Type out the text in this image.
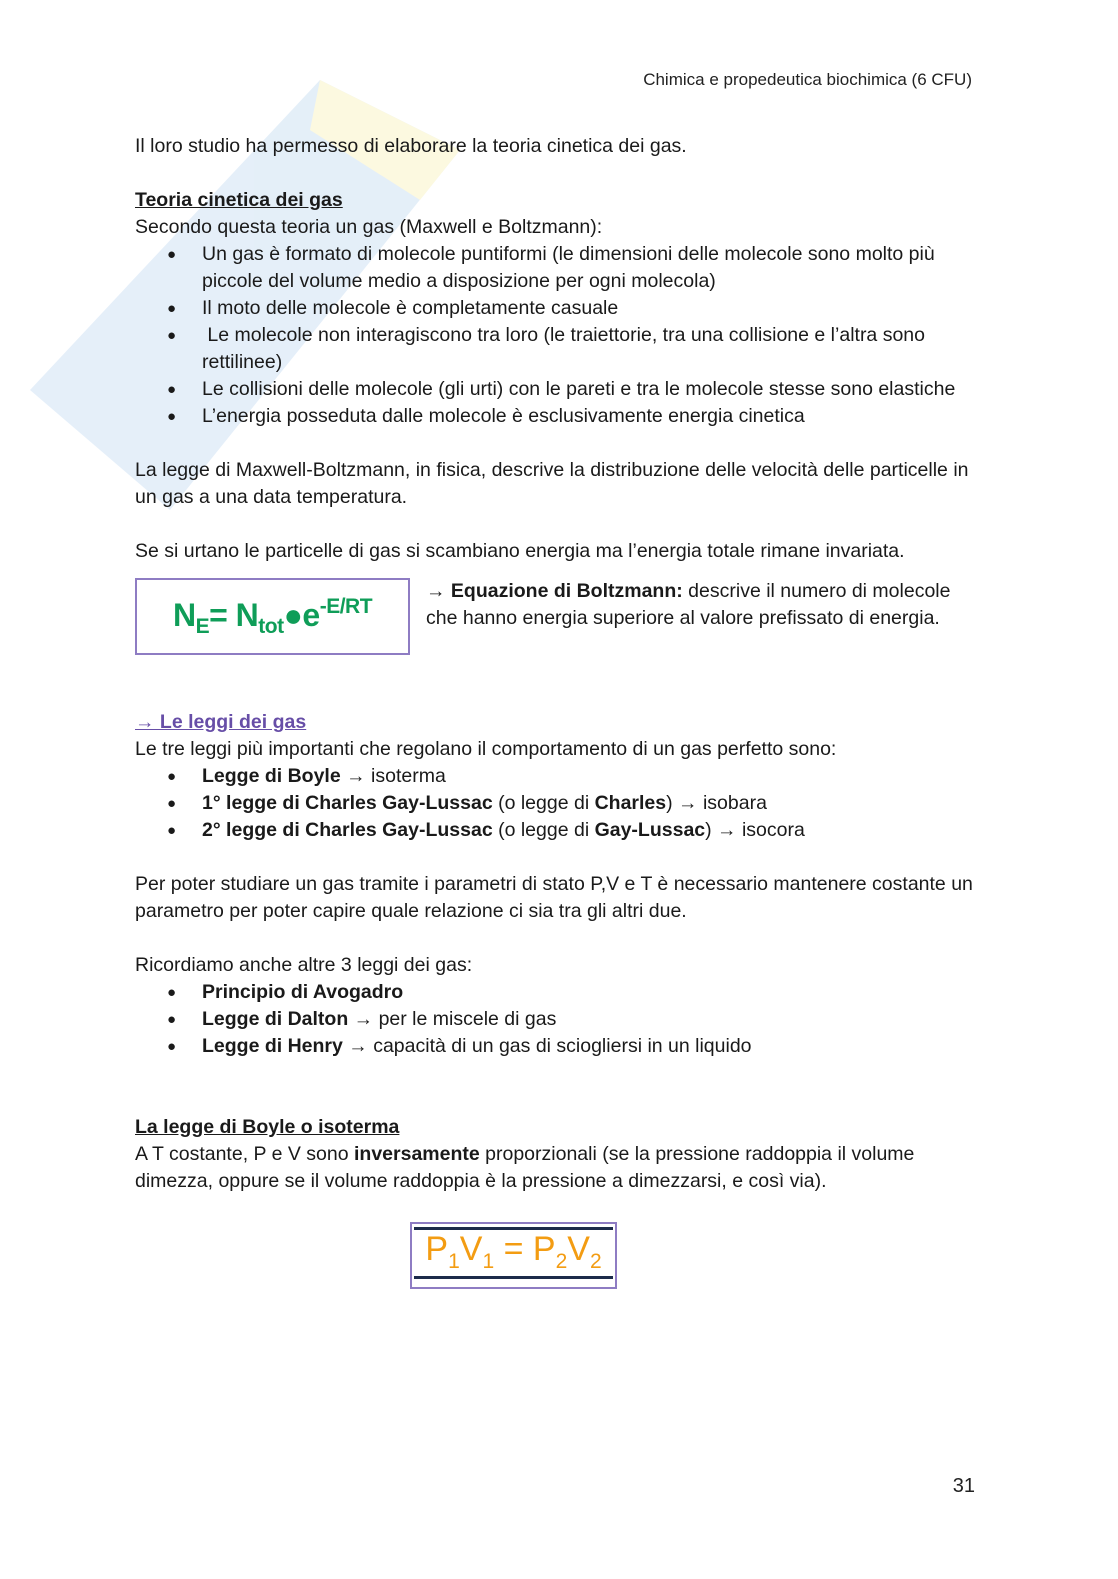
Chimica e propedeutica biochimica (6 CFU)

Il loro studio ha permesso di elaborare la teoria cinetica dei gas.

Teoria cinetica dei gas

Secondo questa teoria un gas (Maxwell e Boltzmann):

● Un gas è formato di molecole puntiformi (le dimensioni delle molecole sono molto più piccole del volume medio a disposizione per ogni molecola)
● Il moto delle molecole è completamente casuale
●  Le molecole non interagiscono tra loro (le traiettorie, tra una collisione e l’altra sono rettilinee)
● Le collisioni delle molecole (gli urti) con le pareti e tra le molecole stesse sono elastiche
● L’energia posseduta dalle molecole è esclusivamente energia cinetica

La legge di Maxwell-Boltzmann, in fisica, descrive la distribuzione delle velocità delle particelle in un gas a una data temperatura.

Se si urtano le particelle di gas si scambiano energia ma l’energia totale rimane invariata.

$N_E=$ $N_{tot}●e^{-E/RT}$

→ Equazione di Boltzmann: descrive il numero di molecole che hanno energia superiore al valore prefissato di energia.

→ Le leggi dei gas

Le tre leggi più importanti che regolano il comportamento di un gas perfetto sono:

● Legge di Boyle → isoterma
● 1° legge di Charles Gay-Lussac (o legge di Charles) → isobara
● 2° legge di Charles Gay-Lussac (o legge di Gay-Lussac) → isocora

Per poter studiare un gas tramite i parametri di stato P,V e T è necessario mantenere costante un parametro per poter capire quale relazione ci sia tra gli altri due.

Ricordiamo anche altre 3 leggi dei gas:

● Principio di Avogadro
● Legge di Dalton → per le miscele di gas
● Legge di Henry → capacità di un gas di sciogliersi in un liquido

La legge di Boyle o isoterma

A T costante, P e V sono inversamente proporzionali (se la pressione raddoppia il volume dimezza, oppure se il volume raddoppia è la pressione a dimezzarsi, e così via).

$P_1V_1 = P_2V_2$
31
